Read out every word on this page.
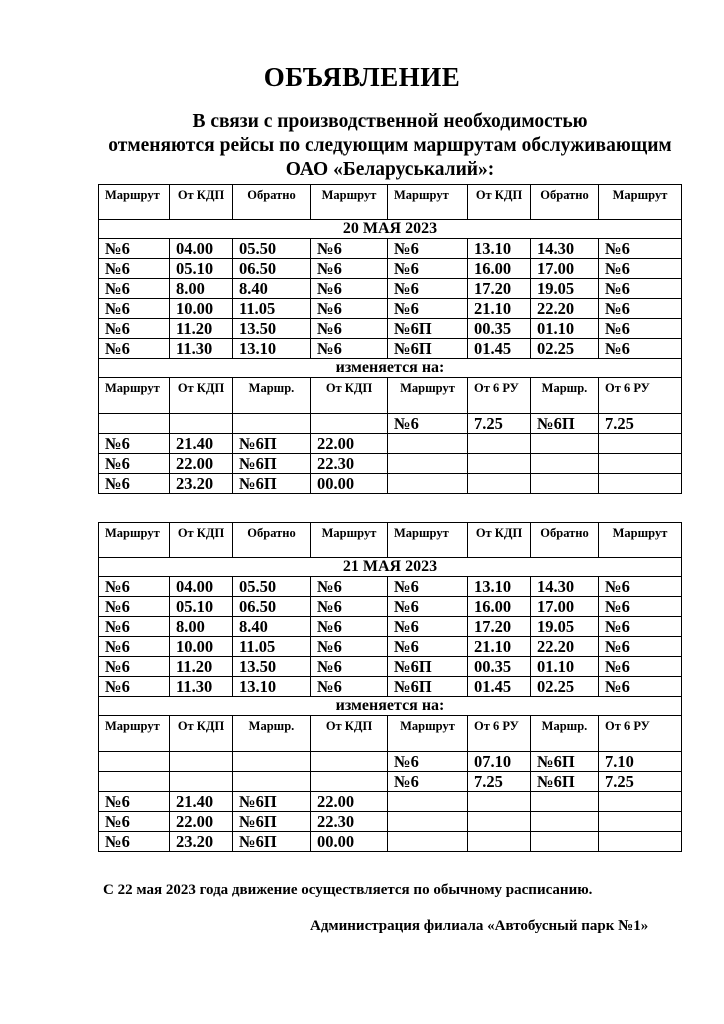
ОБЪЯВЛЕНИЕ
В связи с производственной необходимостью
отменяются рейсы по следующим маршрутам обслуживающим
ОАО «Беларуськалий»:
Маршрут	От КДП	Обратно	Маршрут	Маршрут	От КДП	Обратно	Маршрут
20 МАЯ 2023							
№6	04.00	05.50	№6	№6	13.10	14.30	№6
№6	05.10	06.50	№6	№6	16.00	17.00	№6
№6	8.00	8.40	№6	№6	17.20	19.05	№6
№6	10.00	11.05	№6	№6	21.10	22.20	№6
№6	11.20	13.50	№6	№6П	00.35	01.10	№6
№6	11.30	13.10	№6	№6П	01.45	02.25	№6
изменяется на:							
Маршрут	От КДП	Маршр.	От КДП	Маршрут	От 6 РУ	Маршр.	От 6 РУ
				№6	7.25	№6П	7.25
№6	21.40	№6П	22.00				
№6	22.00	№6П	22.30				
№6	23.20	№6П	00.00				
Маршрут	От КДП	Обратно	Маршрут	Маршрут	От КДП	Обратно	Маршрут
21 МАЯ 2023							
№6	04.00	05.50	№6	№6	13.10	14.30	№6
№6	05.10	06.50	№6	№6	16.00	17.00	№6
№6	8.00	8.40	№6	№6	17.20	19.05	№6
№6	10.00	11.05	№6	№6	21.10	22.20	№6
№6	11.20	13.50	№6	№6П	00.35	01.10	№6
№6	11.30	13.10	№6	№6П	01.45	02.25	№6
изменяется на:							
Маршрут	От КДП	Маршр.	От КДП	Маршрут	От 6 РУ	Маршр.	От 6 РУ
				№6	07.10	№6П	7.10
				№6	7.25	№6П	7.25
№6	21.40	№6П	22.00				
№6	22.00	№6П	22.30				
№6	23.20	№6П	00.00				
С 22 мая 2023 года движение осуществляется по обычному расписанию.
Администрация филиала «Автобусный парк №1»
